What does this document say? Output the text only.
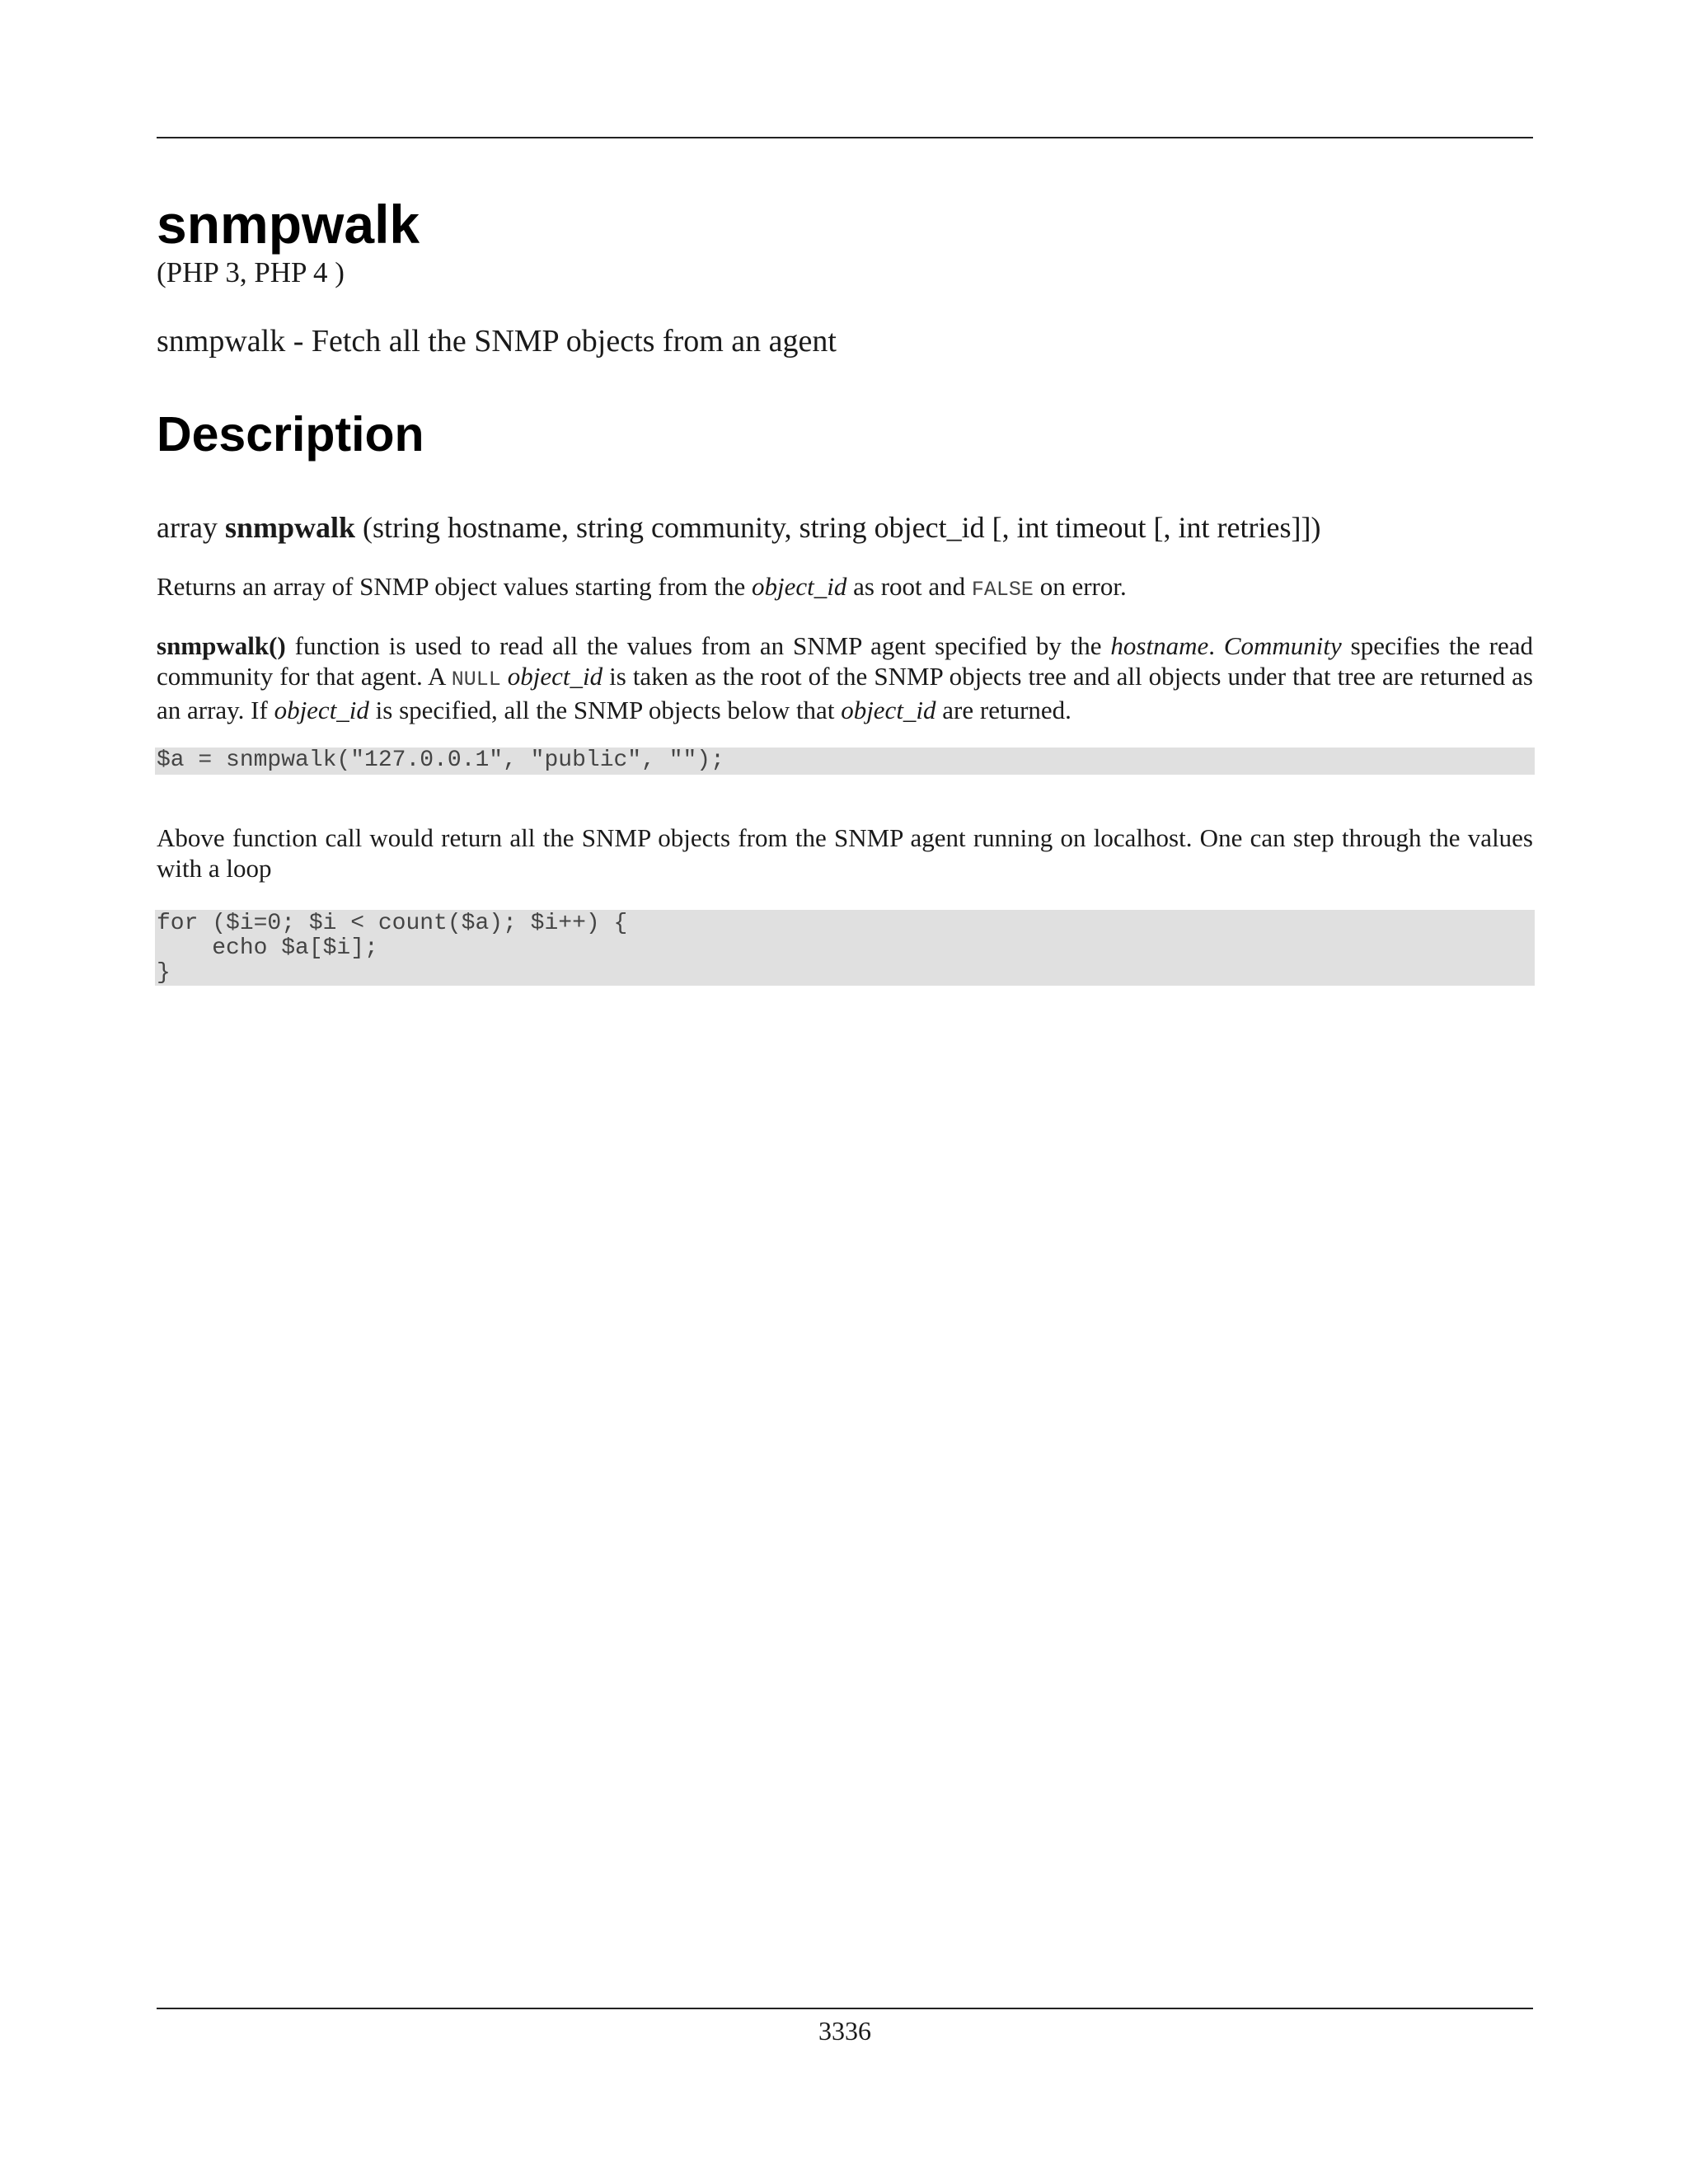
snmpwalk
(PHP 3, PHP 4 )
snmpwalk - Fetch all the SNMP objects from an agent
Description
array snmpwalk (string hostname, string community, string object_id [, int timeout [, int retries]])
Returns an array of SNMP object values starting from the object_id as root and FALSE on error.
snmpwalk() function is used to read all the values from an SNMP agent specified by the hostname. Community specifies the read community for that agent. A NULL object_id is taken as the root of the SNMP objects tree and all objects under that tree are returned as an array. If object_id is specified, all the SNMP objects below that object_id are returned.
$a = snmpwalk("127.0.0.1", "public", "");
Above function call would return all the SNMP objects from the SNMP agent running on localhost. One can step through the values with a loop
for ($i=0; $i < count($a); $i++) {
echo $a[$i];
}
3336
